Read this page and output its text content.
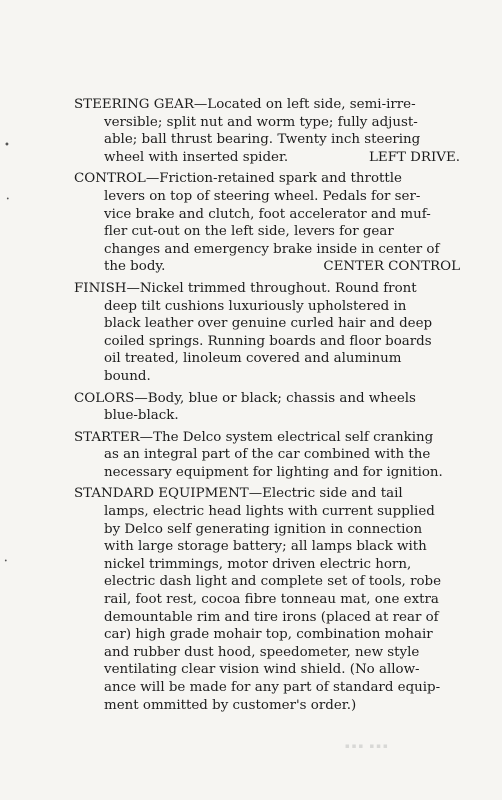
•
•
•
STEERING GEAR—Located on left side, semi-irre-
versible; split nut and worm type; fully adjust-
able; ball thrust bearing. Twenty inch steering
wheel with inserted spider.	LEFT DRIVE.
CONTROL—Friction-retained spark and throttle
levers on top of steering wheel. Pedals for ser-
vice brake and clutch, foot accelerator and muf-
fler cut-out on the left side, levers for gear
changes and emergency brake inside in center of
the body.	CENTER CONTROL
FINISH—Nickel trimmed throughout. Round front
deep tilt cushions luxuriously upholstered in
black leather over genuine curled hair and deep
coiled springs. Running boards and floor boards
oil treated, linoleum covered and aluminum
bound.
COLORS—Body, blue or black; chassis and wheels
blue-black.
STARTER—The Delco system electrical self cranking
as an integral part of the car combined with the
necessary equipment for lighting and for ignition.
STANDARD EQUIPMENT—Electric side and tail
lamps, electric head lights with current supplied
by Delco self generating ignition in connection
with large storage battery; all lamps black with
nickel trimmings, motor driven electric horn,
electric dash light and complete set of tools, robe
rail, foot rest, cocoa fibre tonneau mat, one extra
demountable rim and tire irons (placed at rear of
car) high grade mohair top, combination mohair
and rubber dust hood, speedometer, new style
ventilating clear vision wind shield. (No allow-
ance will be made for any part of standard equip-
ment ommitted by customer's order.)
▪▪▪ ▪▪▪
